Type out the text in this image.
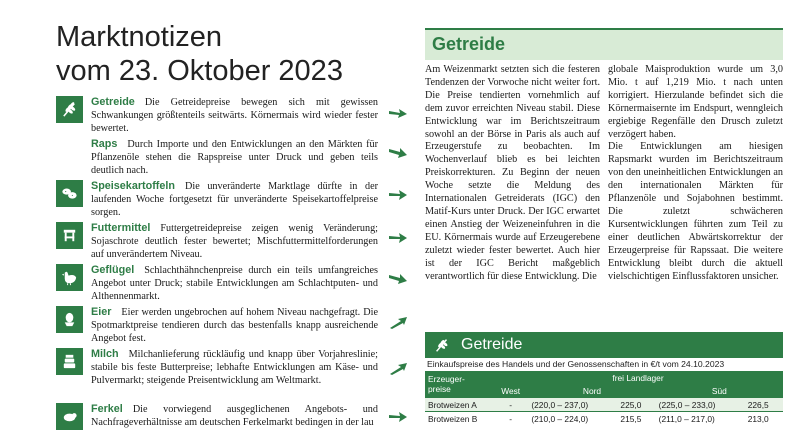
Marktnotizen
vom 23. Oktober 2023

Getreide Die Getreidepreise bewegen sich mit gewissen Schwankungen größtenteils seitwärts. Körnermais wird wieder fester bewertet.

Raps Durch Importe und den Entwicklungen an den Märkten für Pflanzenöle stehen die Rapspreise unter Druck und geben teils deutlich nach.

Speisekartoffeln Die unveränderte Marktlage dürfte in der laufenden Woche fortgesetzt für unveränderte Speisekartoffelpreise sorgen.

Futtermittel Futtergetreidepreise zeigen wenig Veränderung; Sojaschrote deutlich fester bewertet; Mischfuttermittelforderungen auf unverändertem Niveau.

Geflügel Schlachthähnchenpreise durch ein teils umfangreiches Angebot unter Druck; stabile Entwicklungen am Schlachtputen- und Althennenmarkt.

Eier Eier werden ungebrochen auf hohem Niveau nachgefragt. Die Spotmarktpreise tendieren durch das bestenfalls knapp ausreichende Angebot fest.

Milch Milchanlieferung rückläufig und knapp über Vorjahreslinie; stabile bis feste Butterpreise; lebhafte Entwicklungen am Käse- und Pulvermarkt; steigende Preisentwicklung am Weltmarkt.

Ferkel Die vorwiegend ausgeglichenen Angebots- und Nachfrageverhältnisse am deutschen Ferkelmarkt bedingen in der lau

Getreide

Am Weizenmarkt setzten sich die festeren Tendenzen der Vorwoche nicht weiter fort. Die Preise tendierten vornehmlich auf dem zuvor erreichten Niveau stabil. Diese Entwicklung war im Berichtszeitraum sowohl an der Börse in Paris als auch auf Erzeugerstufe zu beobachten. Im Wochenverlauf blieb es bei leichten Preiskorrekturen. Zu Beginn der neuen Woche setzte die Meldung des Internationalen Getreiderats (IGC) den Matif-Kurs unter Druck. Der IGC erwartet einen Anstieg der Weizeneinfuhren in die EU. Körnermais wurde auf Erzeugerebene zuletzt wieder fester bewertet. Auch hier ist der IGC Bericht maßgeblich verantwortlich für diese Entwicklung. Die

globale Maisproduktion wurde um 3,0 Mio. t auf 1,219 Mio. t nach unten korrigiert. Hierzulande befindet sich die Körnermaisernte im Endspurt, wenngleich ergiebige Regenfälle den Drusch zuletzt verzögert haben.

Die Entwicklungen am hiesigen Rapsmarkt wurden im Berichtszeitraum von den uneinheitlichen Entwicklungen an den internationalen Märkten für Pflanzenöle und Sojabohnen bestimmt. Die zuletzt schwächeren Kursentwicklungen führten zum Teil zu einer deutlichen Abwärtskorrektur der Erzeugerpreise für Rapssaat. Die weitere Entwicklung bleibt durch die aktuell vielschichtigen Einflussfaktoren unsicher.

Getreide
Einkaufspreise des Handels und der Genossenschaften in €/t vom 24.10.2023
Erzeuger-
preise	frei Landlager				
	West	Nord		Süd	
Brotweizen A	-	(220,0 – 237,0)	225,0	(225,0 – 233,0)	226,5
Brotweizen B	-	(210,0 – 224,0)	215,5	(211,0 – 217,0)	213,0
